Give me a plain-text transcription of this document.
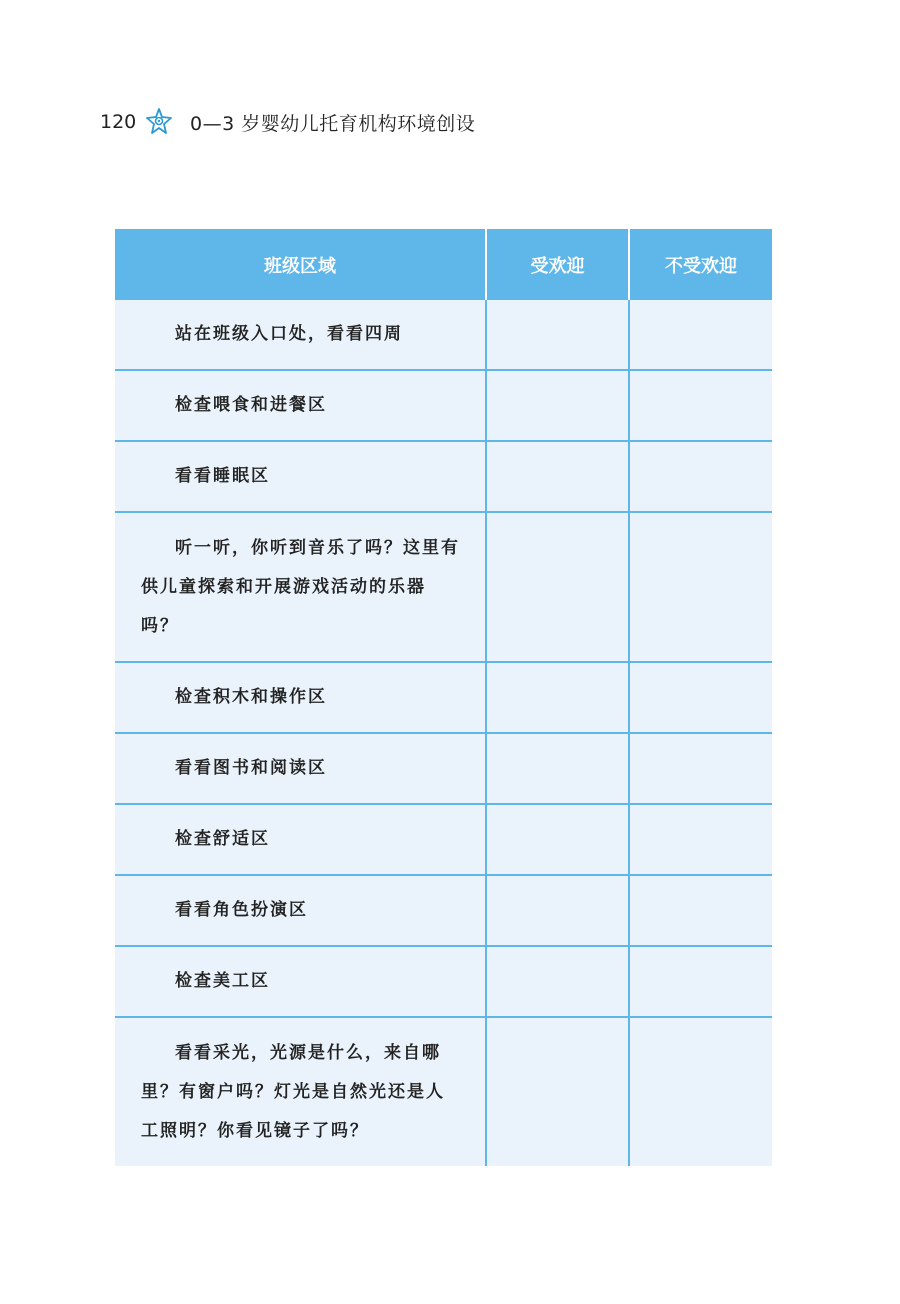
120	0—3 岁婴幼儿托育机构环境创设
班级区域	受欢迎	不受欢迎

站在班级入口处，看看四周		

检查喂食和进餐区		

看看睡眠区		

听一听，你听到音乐了吗？这里有供儿童探索和开展游戏活动的乐器吗？		

检查积木和操作区		

看看图书和阅读区		

检查舒适区		

看看角色扮演区		

检查美工区		

看看采光，光源是什么，来自哪里？有窗户吗？灯光是自然光还是人工照明？你看见镜子了吗？		
